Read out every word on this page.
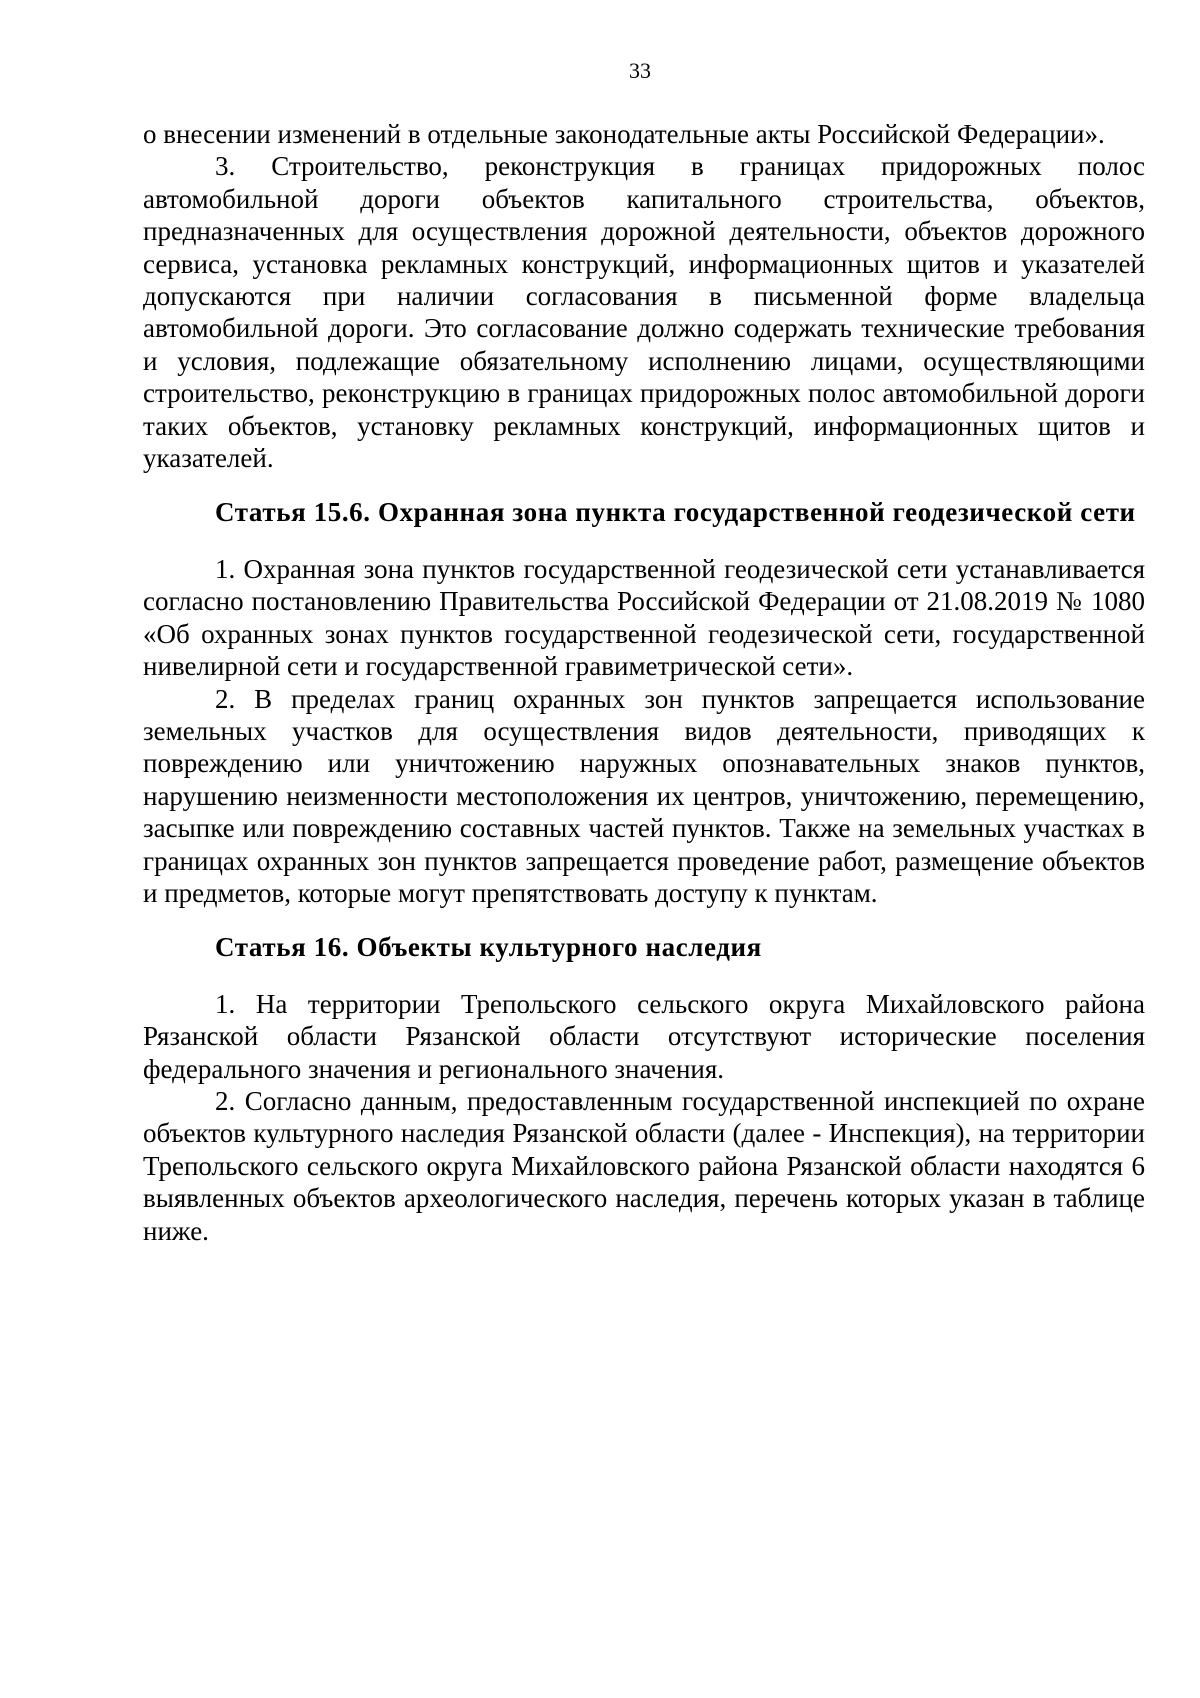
33

о внесении изменений в отдельные законодательные акты Российской Федерации».

3. Строительство, реконструкция в границах придорожных полос автомобильной дороги объектов капитального строительства, объектов, предназначенных для осуществления дорожной деятельности, объектов дорожного сервиса, установка рекламных конструкций, информационных щитов и указателей допускаются при наличии согласования в письменной форме владельца автомобильной дороги. Это согласование должно содержать технические требования и условия, подлежащие обязательному исполнению лицами, осуществляющими строительство, реконструкцию в границах придорожных полос автомобильной дороги таких объектов, установку рекламных конструкций, информационных щитов и указателей.

Статья 15.6. Охранная зона пункта государственной геодезической сети

1. Охранная зона пунктов государственной геодезической сети устанавливается согласно постановлению Правительства Российской Федерации от 21.08.2019 № 1080 «Об охранных зонах пунктов государственной геодезической сети, государственной нивелирной сети и государственной гравиметрической сети».

2. В пределах границ охранных зон пунктов запрещается использование земельных участков для осуществления видов деятельности, приводящих к повреждению или уничтожению наружных опознавательных знаков пунктов, нарушению неизменности местоположения их центров, уничтожению, перемещению, засыпке или повреждению составных частей пунктов. Также на земельных участках в границах охранных зон пунктов запрещается проведение работ, размещение объектов и предметов, которые могут препятствовать доступу к пунктам.

Статья 16. Объекты культурного наследия

1. На территории Трепольского сельского округа Михайловского района Рязанской области Рязанской области отсутствуют исторические поселения федерального значения и регионального значения.

2. Согласно данным, предоставленным государственной инспекцией по охране объектов культурного наследия Рязанской области (далее - Инспекция), на территории Трепольского сельского округа Михайловского района Рязанской области находятся 6 выявленных объектов археологического наследия, перечень которых указан в таблице ниже.
